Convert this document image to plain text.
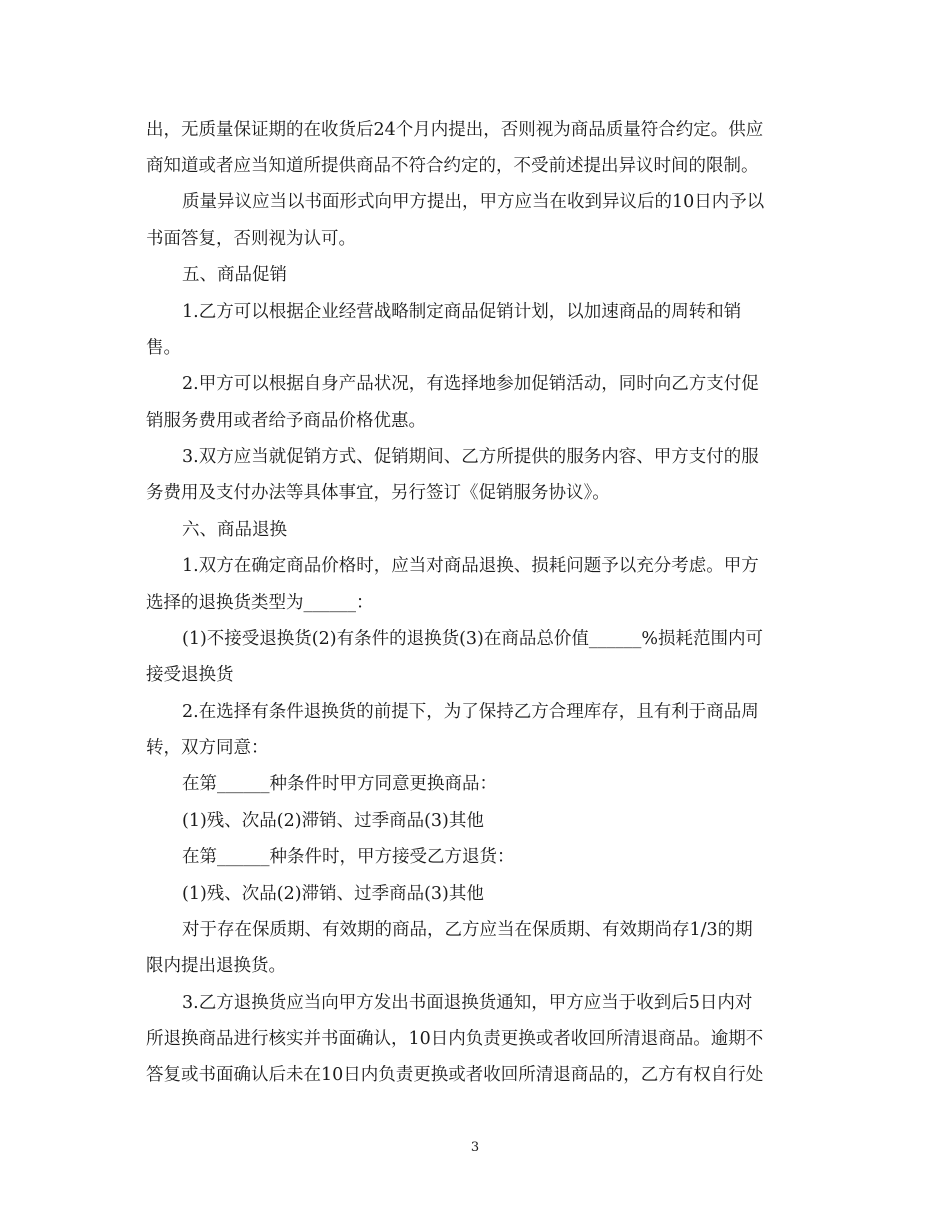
出，无质量保证期的在收货后24个月内提出，否则视为商品质量符合约定。供应
商知道或者应当知道所提供商品不符合约定的，不受前述提出异议时间的限制。
质量异议应当以书面形式向甲方提出，甲方应当在收到异议后的10日内予以
书面答复，否则视为认可。
五、商品促销
1.乙方可以根据企业经营战略制定商品促销计划，以加速商品的周转和销
售。
2.甲方可以根据自身产品状况，有选择地参加促销活动，同时向乙方支付促
销服务费用或者给予商品价格优惠。
3.双方应当就促销方式、促销期间、乙方所提供的服务内容、甲方支付的服
务费用及支付办法等具体事宜，另行签订《促销服务协议》。
六、商品退换
1.双方在确定商品价格时，应当对商品退换、损耗问题予以充分考虑。甲方
选择的退换货类型为______：
(1)不接受退换货(2)有条件的退换货(3)在商品总价值______%损耗范围内可
接受退换货
2.在选择有条件退换货的前提下，为了保持乙方合理库存，且有利于商品周
转，双方同意：
在第______种条件时甲方同意更换商品：
(1)残、次品(2)滞销、过季商品(3)其他
在第______种条件时，甲方接受乙方退货：
(1)残、次品(2)滞销、过季商品(3)其他
对于存在保质期、有效期的商品，乙方应当在保质期、有效期尚存1/3的期
限内提出退换货。
3.乙方退换货应当向甲方发出书面退换货通知，甲方应当于收到后5日内对
所退换商品进行核实并书面确认，10日内负责更换或者收回所清退商品。逾期不
答复或书面确认后未在10日内负责更换或者收回所清退商品的，乙方有权自行处
3
